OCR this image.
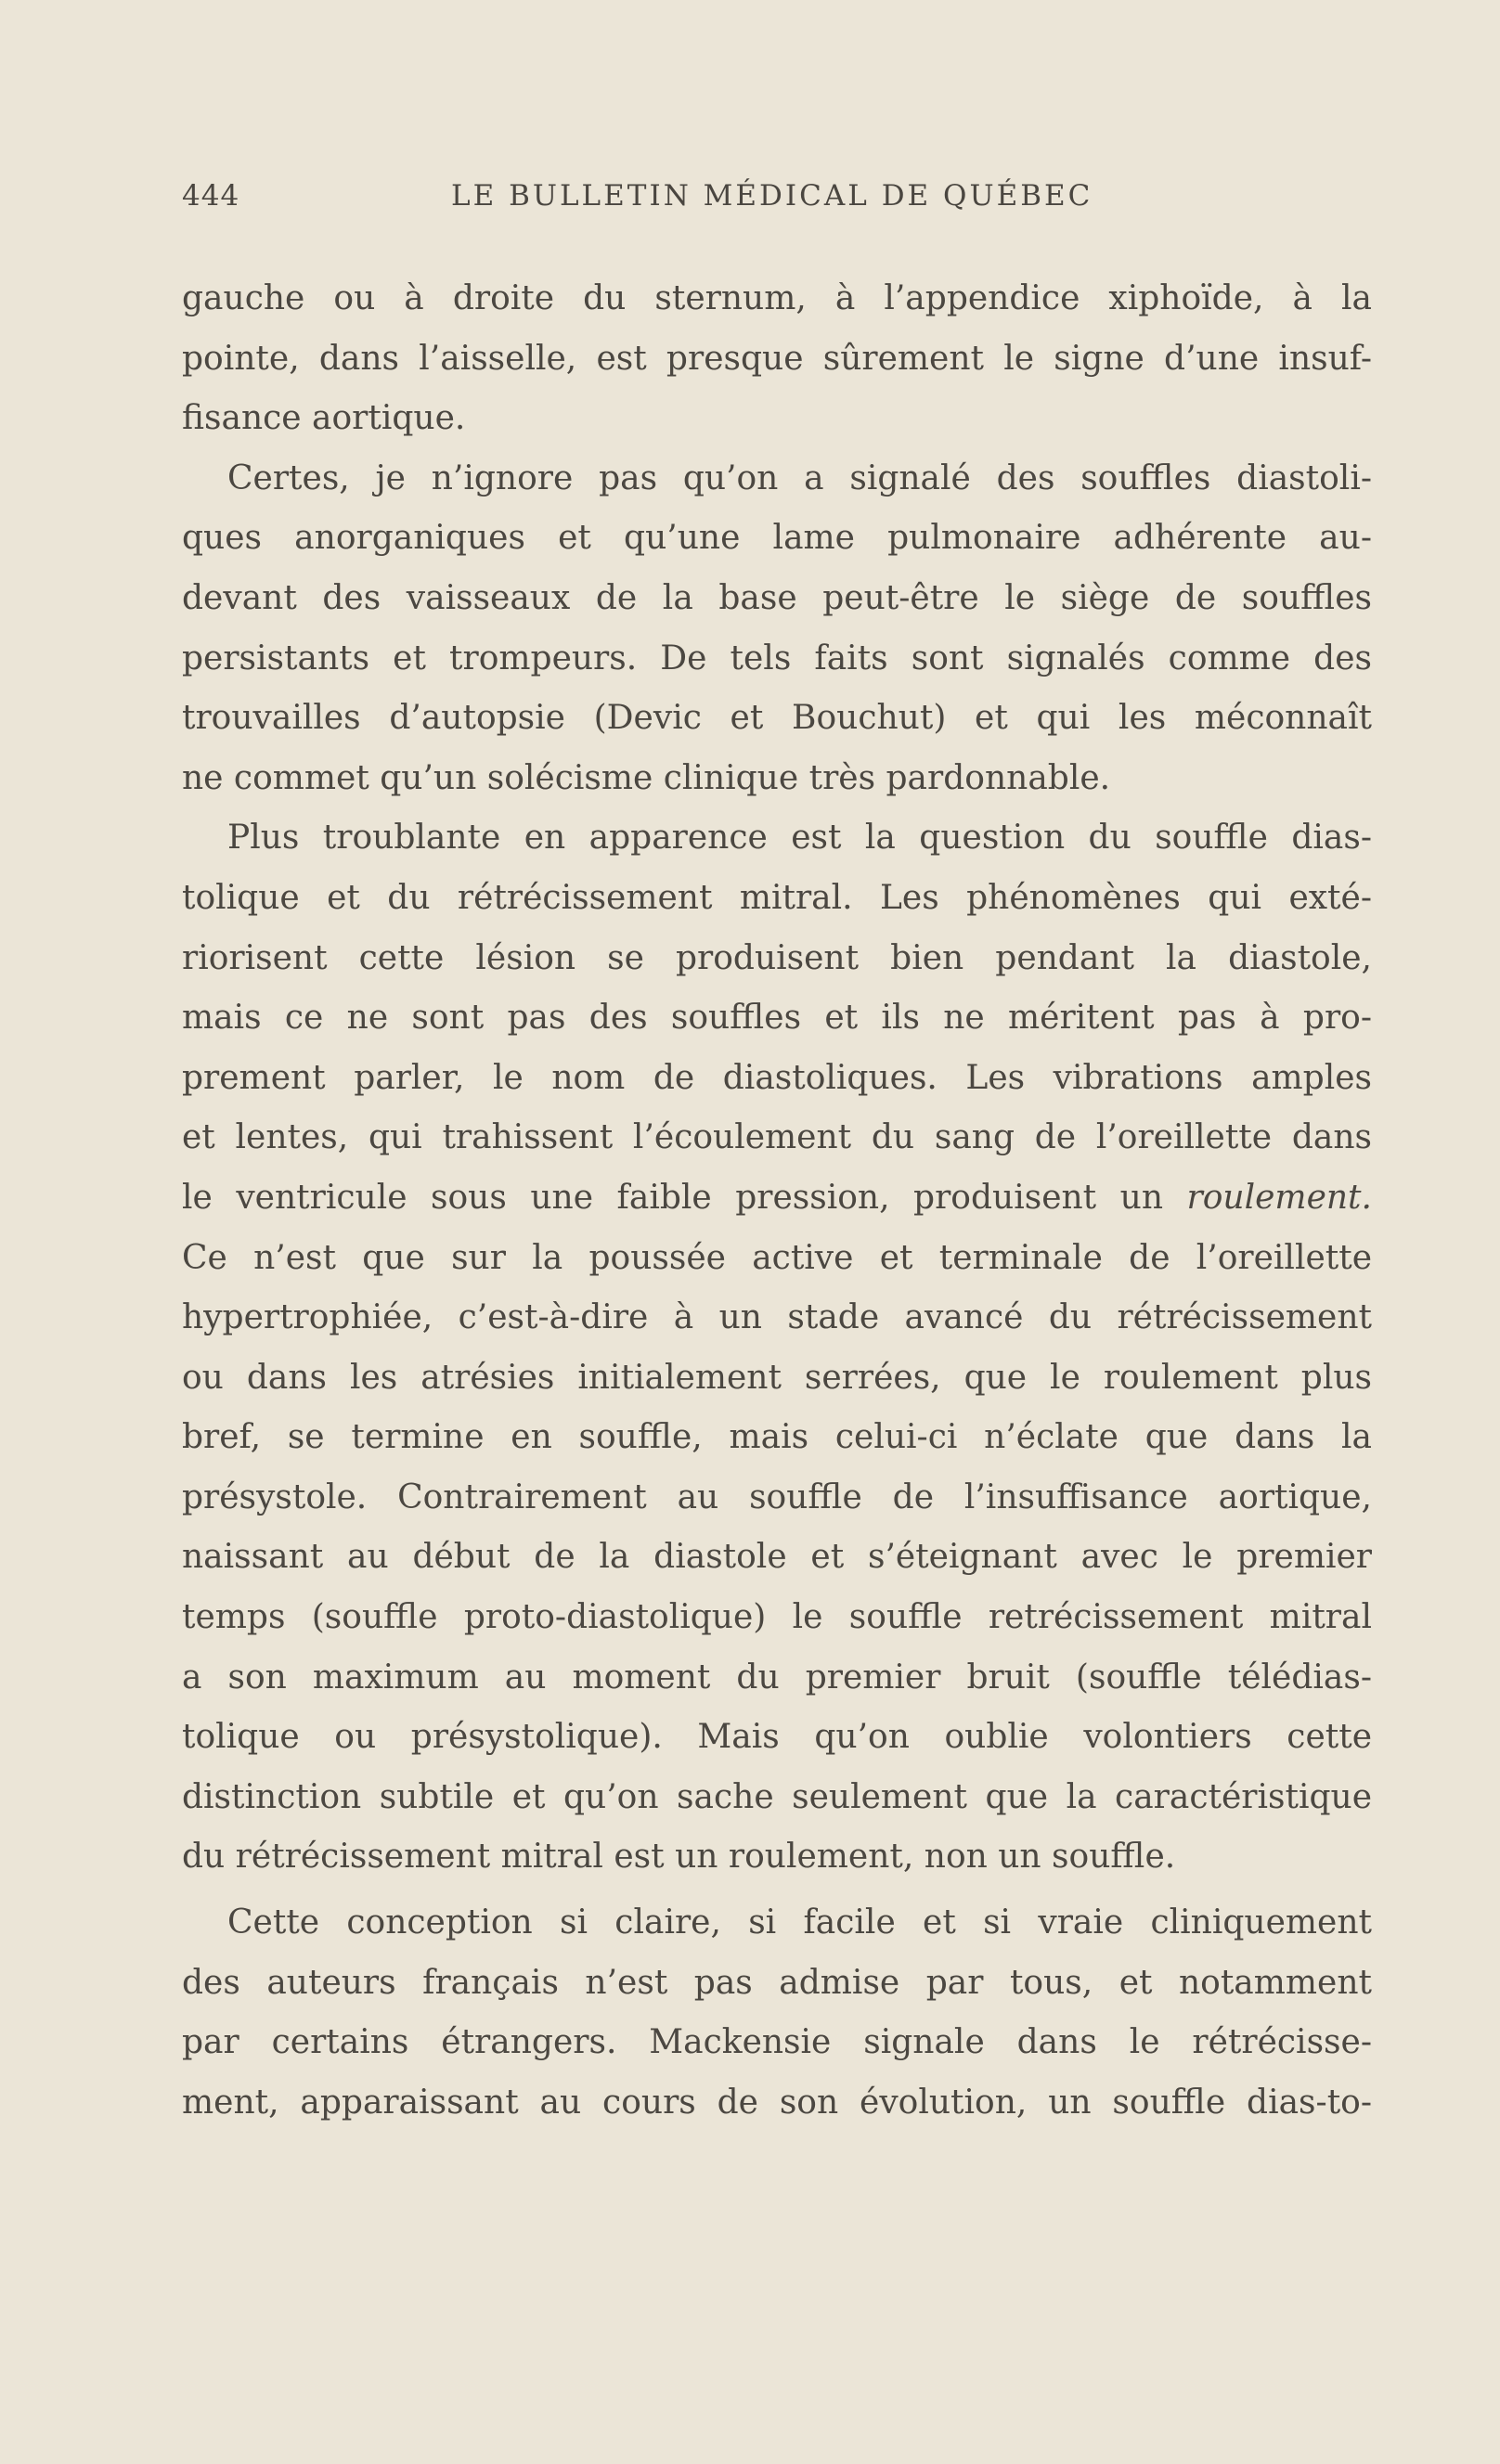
444	LE BULLETIN MÉDICAL DE QUÉBEC

gauche ou à droite du sternum, à l’appendice xiphoïde, à la
pointe, dans l’aisselle, est presque sûrement le signe d’une insuf-
fisance aortique.

Certes, je n’ignore pas qu’on a signalé des souffles diastoli-
ques anorganiques et qu’une lame pulmonaire adhérente au-
devant des vaisseaux de la base peut-être le siège de souffles
persistants et trompeurs. De tels faits sont signalés comme des
trouvailles d’autopsie (Devic et Bouchut) et qui les méconnaît
ne commet qu’un solécisme clinique très pardonnable.

Plus troublante en apparence est la question du souffle dias-
tolique et du rétrécissement mitral. Les phénomènes qui exté-
riorisent cette lésion se produisent bien pendant la diastole,
mais ce ne sont pas des souffles et ils ne méritent pas à pro-
prement parler, le nom de diastoliques. Les vibrations amples
et lentes, qui trahissent l’écoulement du sang de l’oreillette dans
le ventricule sous une faible pression, produisent un roulement.
Ce n’est que sur la poussée active et terminale de l’oreillette
hypertrophiée, c’est-à-dire à un stade avancé du rétrécissement
ou dans les atrésies initialement serrées, que le roulement plus
bref, se termine en souffle, mais celui-ci n’éclate que dans la
présystole. Contrairement au souffle de l’insuffisance aortique,
naissant au début de la diastole et s’éteignant avec le premier
temps (souffle proto-diastolique) le souffle retrécissement mitral
a son maximum au moment du premier bruit (souffle télédias-
tolique ou présystolique). Mais qu’on oublie volontiers cette
distinction subtile et qu’on sache seulement que la caractéristique
du rétrécissement mitral est un roulement, non un souffle.

Cette conception si claire, si facile et si vraie cliniquement
des auteurs français n’est pas admise par tous, et notamment
par certains étrangers. Mackensie signale dans le rétrécisse-
ment, apparaissant au cours de son évolution, un souffle dias-to-
